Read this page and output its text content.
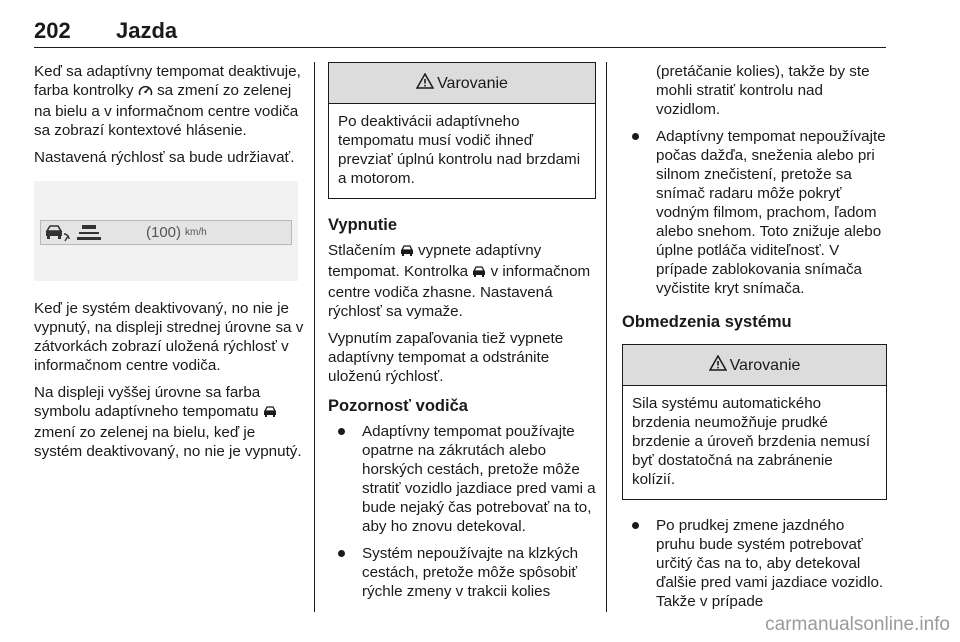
202	Jazda

Keď sa adaptívny tempomat deaktivuje, farba kontrolky sa zmení zo zelenej na bielu a v informačnom centre vodiča sa zobrazí kontextové hlásenie.

Nastavená rýchlosť sa bude udržiavať.

(100) km/h

Keď je systém deaktivovaný, no nie je vypnutý, na displeji strednej úrovne sa v zátvorkách zobrazí uložená rýchlosť v informačnom centre vodiča.

Na displeji vyššej úrovne sa farba symbolu adaptívneho tempomatu  zmení zo zelenej na bielu, keď je systém deaktivovaný, no nie je vypnutý.

Varovanie
Po deaktivácii adaptívneho tempomatu musí vodič ihneď prevziať úplnú kontrolu nad brzdami a motorom.
Vypnutie

Stlačením vypnete adaptívny tempomat. Kontrolka v informačnom centre vodiča zhasne. Nastavená rýchlosť sa vymaže.

Vypnutím zapaľovania tiež vypnete adaptívny tempomat a odstránite uloženú rýchlosť.

Pozornosť vodiča
Adaptívny tempomat používajte opatrne na zákrutách alebo horských cestách, pretože môže stratiť vozidlo jazdiace pred vami a bude nejaký čas potrebovať na to, aby ho znovu detekoval.
Systém nepoužívajte na klzkých cestách, pretože môže spôsobiť rýchle zmeny v trakcii kolies

(pretáčanie kolies), takže by ste mohli stratiť kontrolu nad vozidlom.

Adaptívny tempomat nepoužívajte počas dažďa, sneženia alebo pri silnom znečistení, pretože sa snímač radaru môže pokryť vodným filmom, prachom, ľadom alebo snehom. Toto znižuje alebo úplne potláča viditeľnosť. V prípade zablokovania snímača vyčistite kryt snímača.
Obmedzenia systému
Varovanie
Sila systému automatického brzdenia neumožňuje prudké brzdenie a úroveň brzdenia nemusí byť dostatočná na zabránenie kolízií.
Po prudkej zmene jazdného pruhu bude systém potrebovať určitý čas na to, aby detekoval ďalšie pred vami jazdiace vozidlo. Takže v prípade
carmanualsonline.info
